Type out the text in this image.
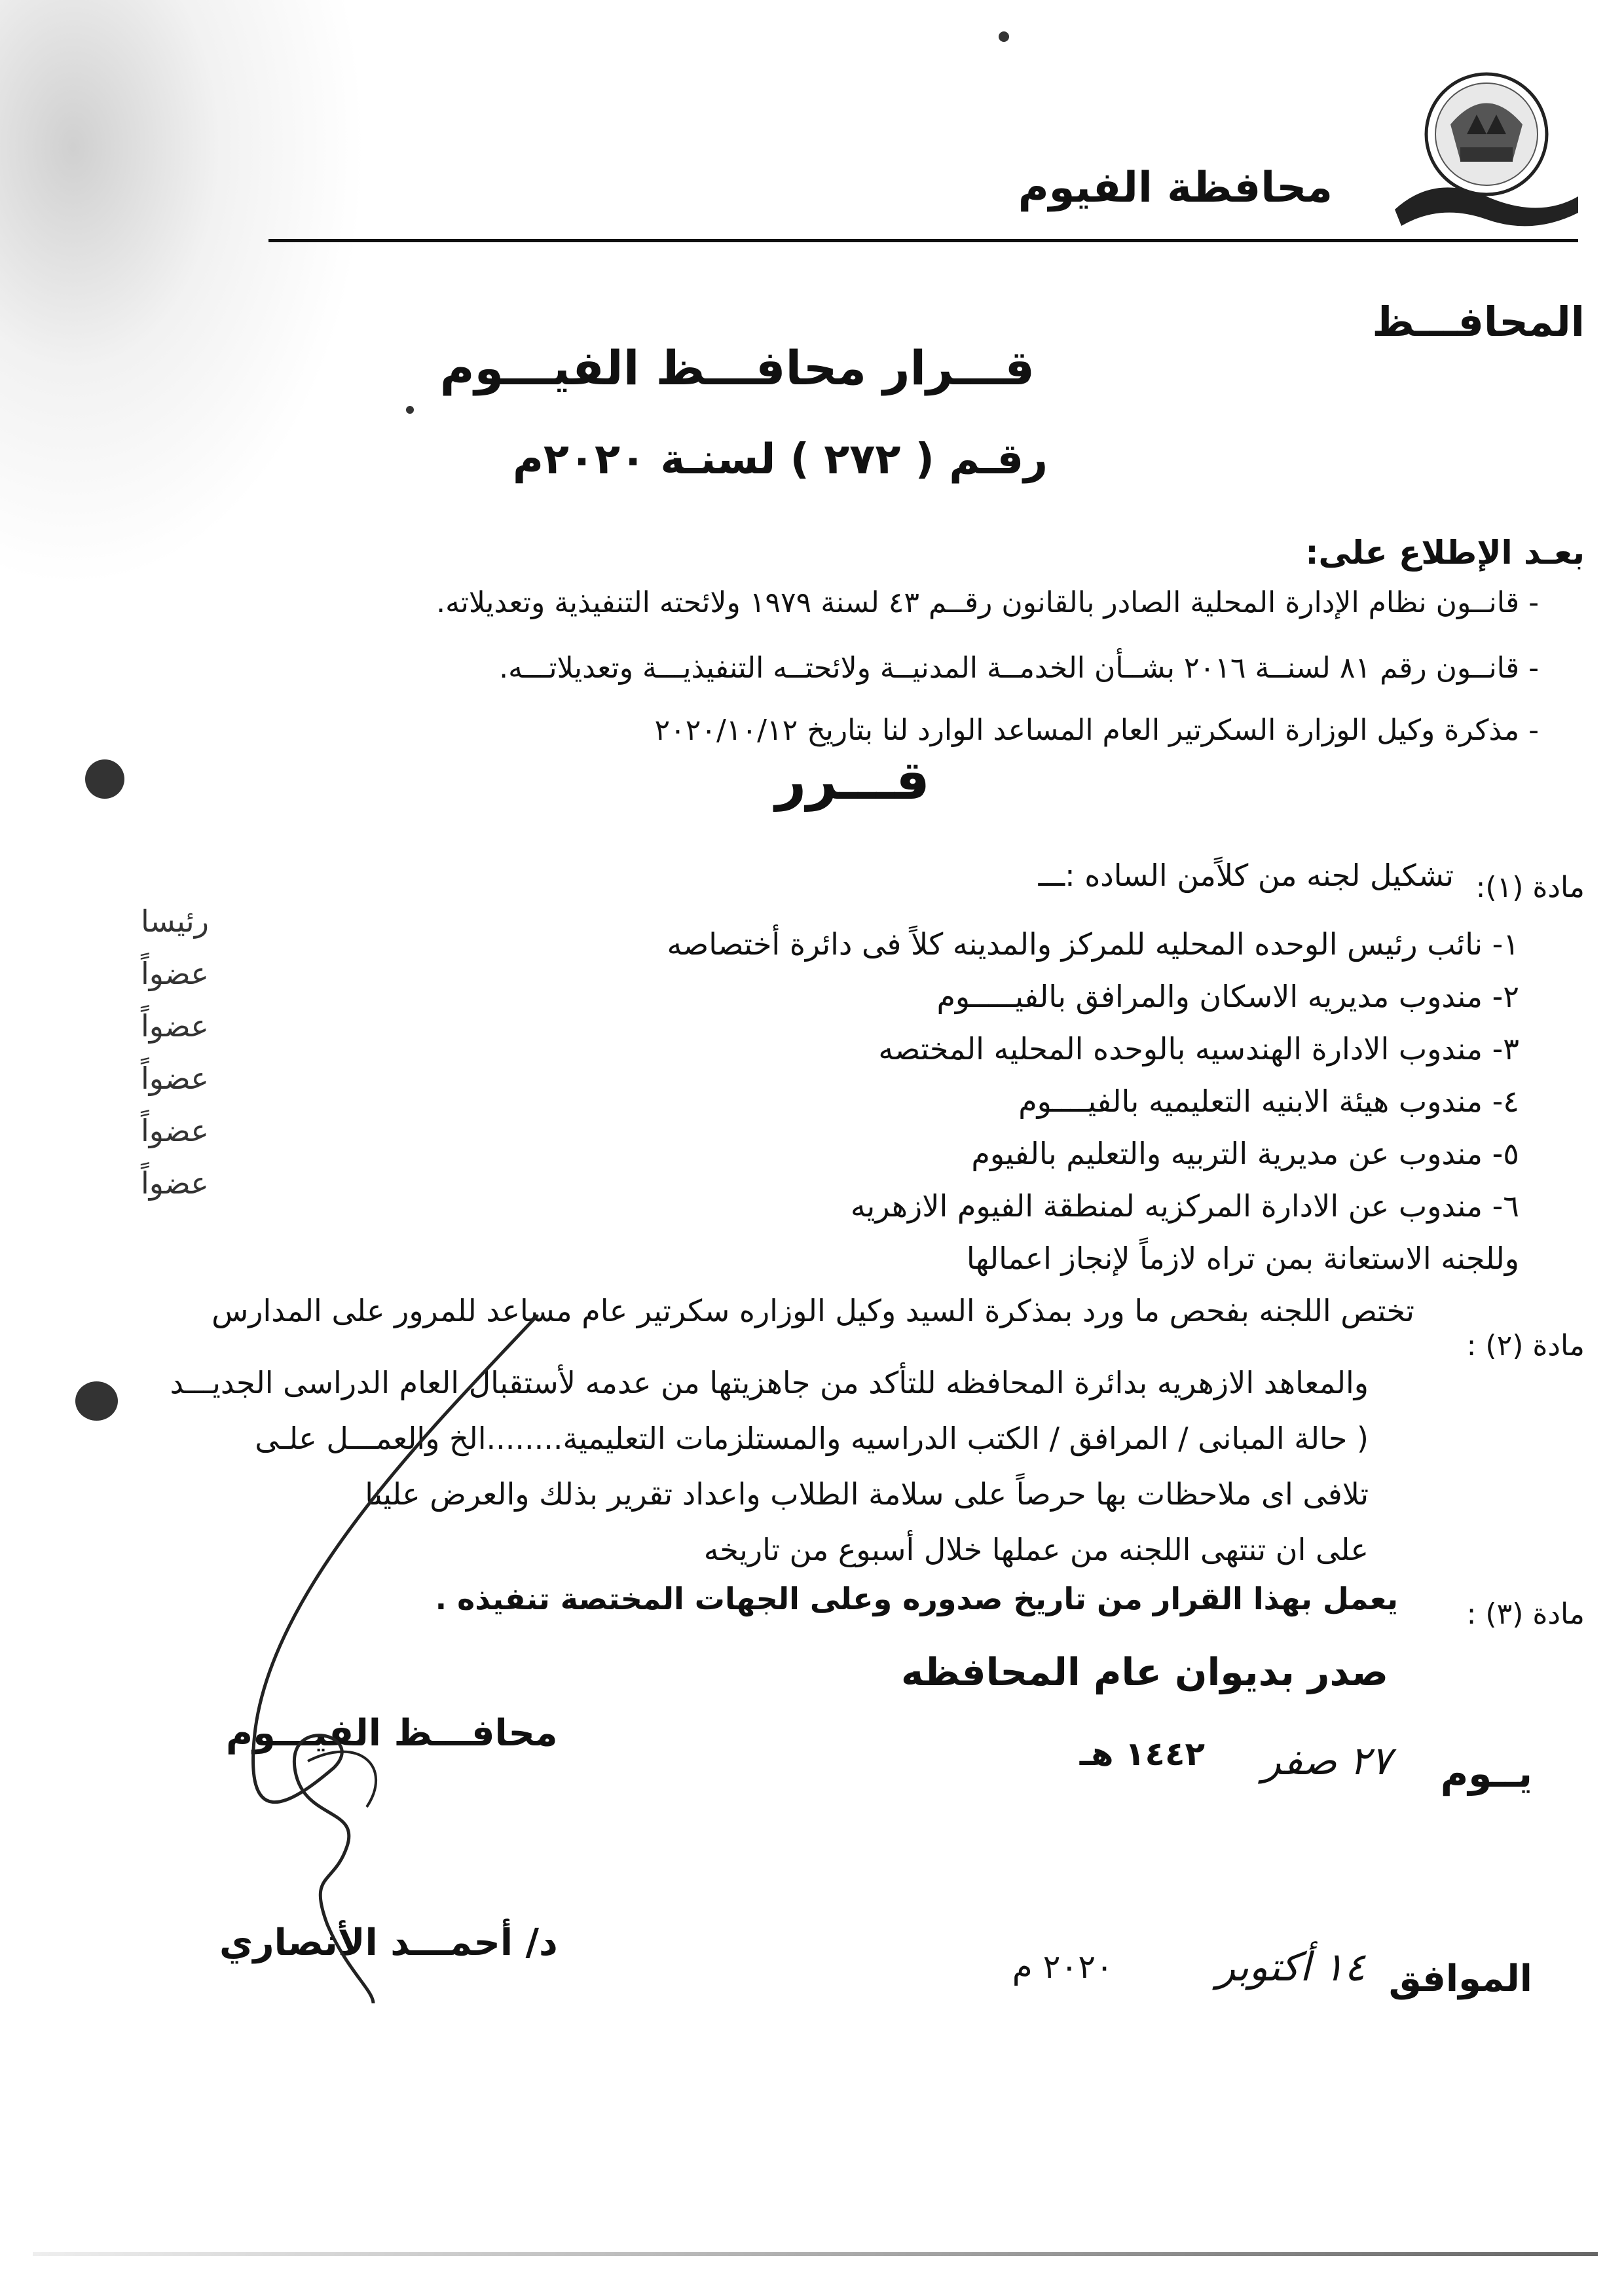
محافظة الفيوم
المحافـــظ
قـــرار محافـــظ الفيـــوم
رقـم ( ٢٧٢ ) لسنـة ٢٠٢٠م
بعـد الإطلاع على:
- قانــون نظام الإدارة المحلية الصادر بالقانون رقــم ٤٣ لسنة ١٩٧٩ ولائحته التنفيذية وتعديلاته.
- قانــون رقم ٨١ لسنــة ٢٠١٦ بشــأن الخدمــة المدنيــة ولائحتــه التنفيذيـــة وتعديلاتـــه.
- مذكرة وكيل الوزارة السكرتير العام المساعد الوارد لنا بتاريخ ٢٠٢٠/١٠/١٢
قـــرر
مادة (١):
تشكيل لجنه من كلاًمن الساده :ـــ
١- نائب رئيس الوحده المحليه للمركز والمدينه كلاً فى دائرة أختصاصه
٢- مندوب مديريه الاسكان والمرافق بالفيـــــوم
٣- مندوب الادارة الهندسيه بالوحده المحليه المختصه
٤- مندوب هيئة الابنيه التعليميه بالفيــــوم
٥- مندوب عن مديرية التربيه والتعليم بالفيوم
٦- مندوب عن الادارة المركزيه لمنطقة الفيوم الازهريه
وللجنه الاستعانة بمن تراه لازماً لإنجاز اعمالها
رئيسا
عضواً
عضواً
عضواً
عضواً
عضواً
مادة (٢) :
تختص اللجنه بفحص ما ورد بمذكرة السيد وكيل الوزاره سكرتير عام مساعد للمرور على المدارس
والمعاهد الازهريه بدائرة المحافظه للتأكد من جاهزيتها من عدمه لأستقبال العام الدراسى الجديـــد
( حالة المبانى / المرافق / الكتب الدراسيه والمستلزمات التعليمية........الخ والعمـــل علـى
تلافى اى ملاحظات بها حرصاً على سلامة الطلاب واعداد تقرير بذلك والعرض علينا
على ان تنتهى اللجنه من عملها خلال أسبوع من تاريخه
مادة (٣) :
يعمل بهذا القرار من تاريخ صدوره وعلى الجهات المختصة تنفيذه .
صدر بديوان عام المحافظه
محافـــظ الفيـــوم
يــوم
٢٧ صفر
١٤٤٢ هـ
د/ أحمـــد الأنصاري
الموافق
١٤ أكتوبر
٢٠٢٠ م
